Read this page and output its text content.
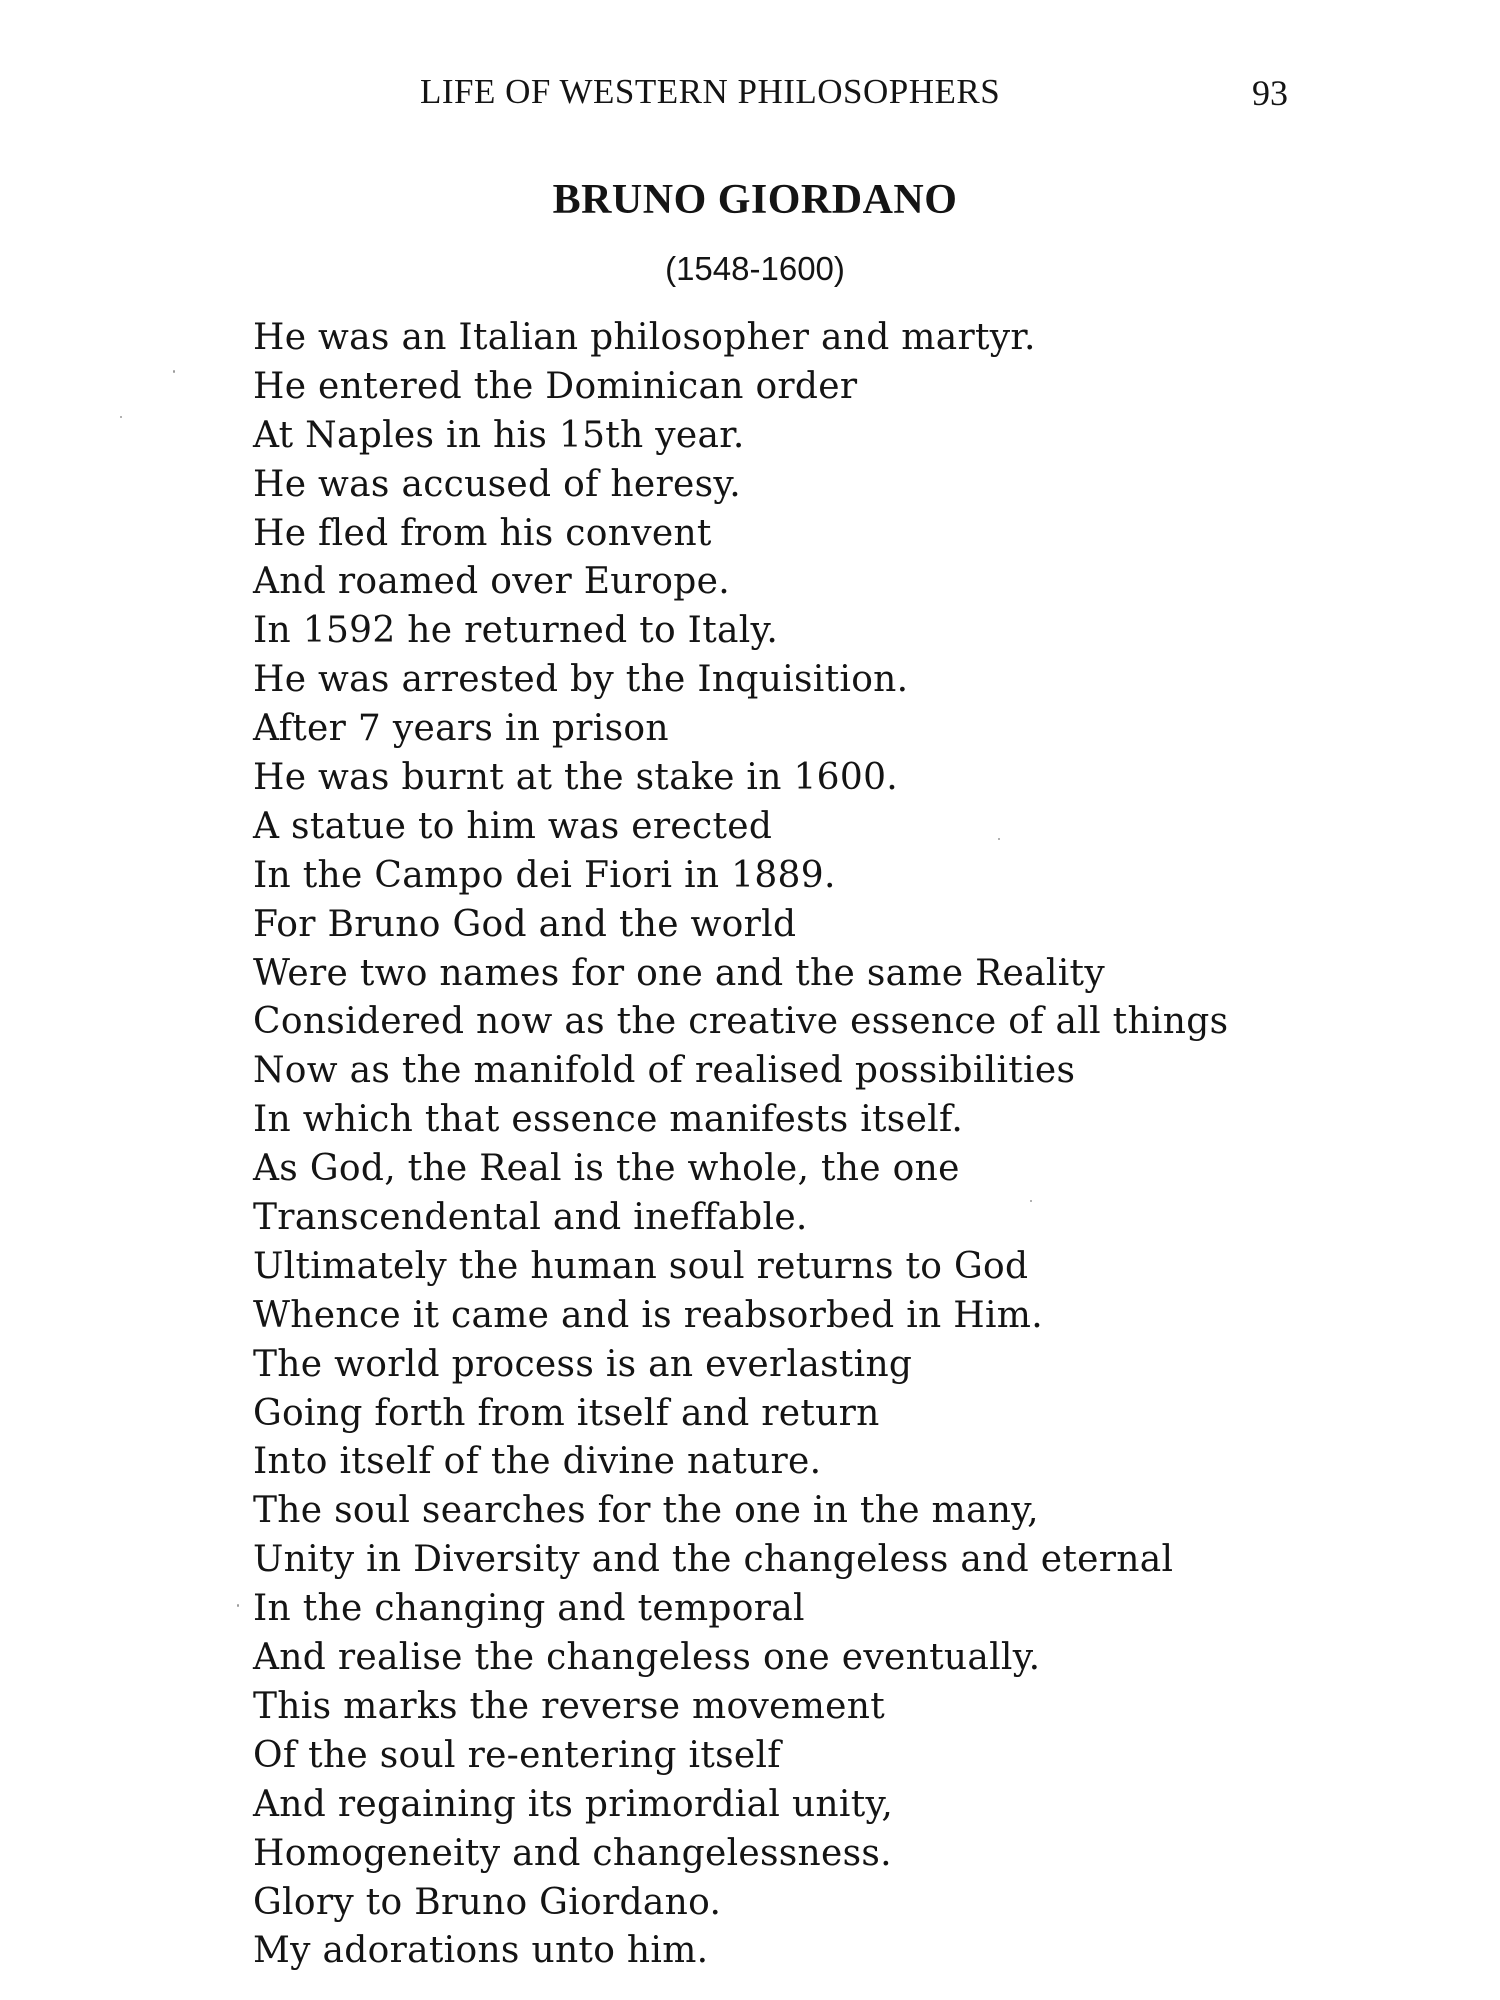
LIFE OF WESTERN PHILOSOPHERS	93
BRUNO GIORDANO
(1548-1600)
He was an Italian philosopher and martyr.
He entered the Dominican order
At Naples in his 15th year.
He was accused of heresy.
He fled from his convent
And roamed over Europe.
In 1592 he returned to Italy.
He was arrested by the Inquisition.
After 7 years in prison
He was burnt at the stake in 1600.
A statue to him was erected
In the Campo dei Fiori in 1889.
For Bruno God and the world
Were two names for one and the same Reality
Considered now as the creative essence of all things
Now as the manifold of realised possibilities
In which that essence manifests itself.
As God, the Real is the whole, the one
Transcendental and ineffable.
Ultimately the human soul returns to God
Whence it came and is reabsorbed in Him.
The world process is an everlasting
Going forth from itself and return
Into itself of the divine nature.
The soul searches for the one in the many,
Unity in Diversity and the changeless and eternal
In the changing and temporal
And realise the changeless one eventually.
This marks the reverse movement
Of the soul re-entering itself
And regaining its primordial unity,
Homogeneity and changelessness.
Glory to Bruno Giordano.
My adorations unto him.
